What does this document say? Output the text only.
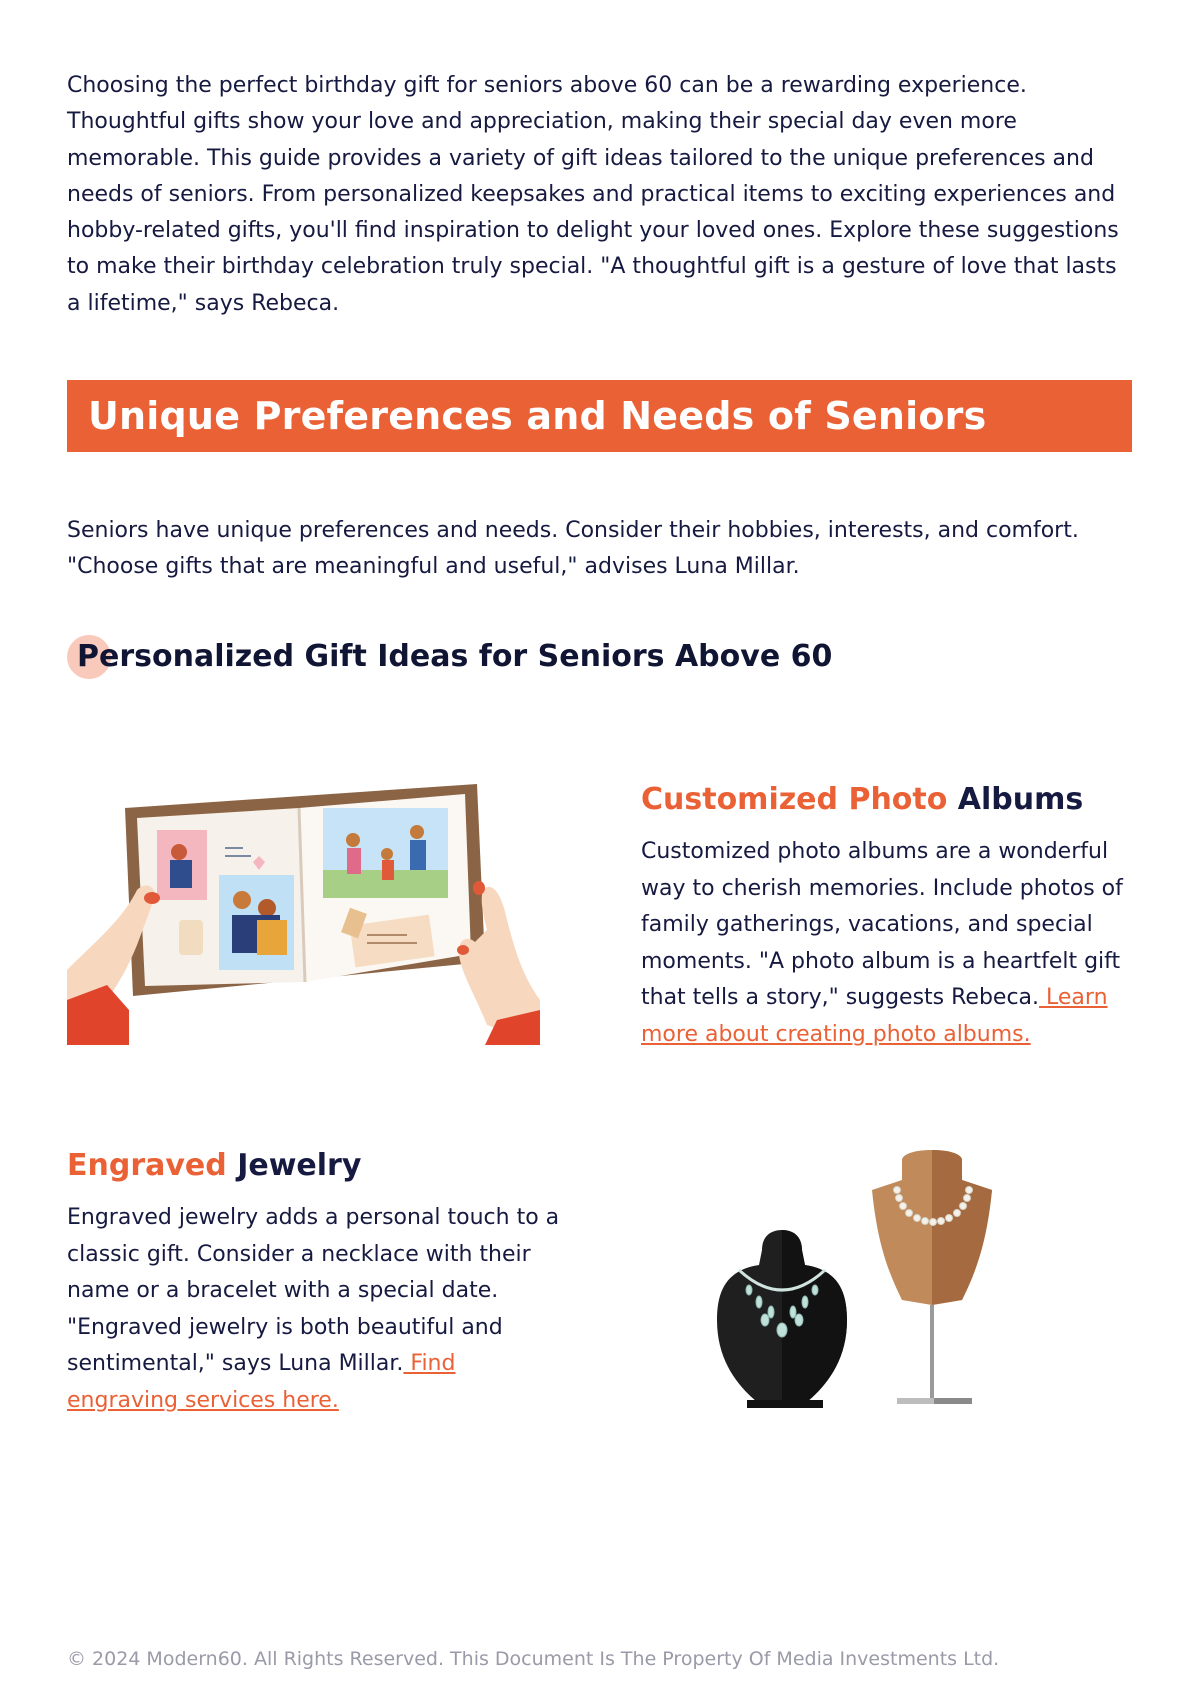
Choosing the perfect birthday gift for seniors above 60 can be a rewarding experience. Thoughtful gifts show your love and appreciation, making their special day even more memorable. This guide provides a variety of gift ideas tailored to the unique preferences and needs of seniors. From personalized keepsakes and practical items to exciting experiences and hobby-related gifts, you'll find inspiration to delight your loved ones. Explore these suggestions to make their birthday celebration truly special. "A thoughtful gift is a gesture of love that lasts a lifetime," says Rebeca.

Unique Preferences and Needs of Seniors

Seniors have unique preferences and needs. Consider their hobbies, interests, and comfort. "Choose gifts that are meaningful and useful," advises Luna Millar.

Personalized Gift Ideas for Seniors Above 60
Customized Photo Albums

Customized photo albums are a wonderful way to cherish memories. Include photos of family gatherings, vacations, and special moments. "A photo album is a heartfelt gift that tells a story," suggests Rebeca. Learn more about creating photo albums.

Engraved Jewelry

Engraved jewelry adds a personal touch to a classic gift. Consider a necklace with their name or a bracelet with a special date. "Engraved jewelry is both beautiful and sentimental," says Luna Millar. Find engraving services here.

© 2024 Modern60. All Rights Reserved. This Document Is The Property Of Media Investments Ltd.
